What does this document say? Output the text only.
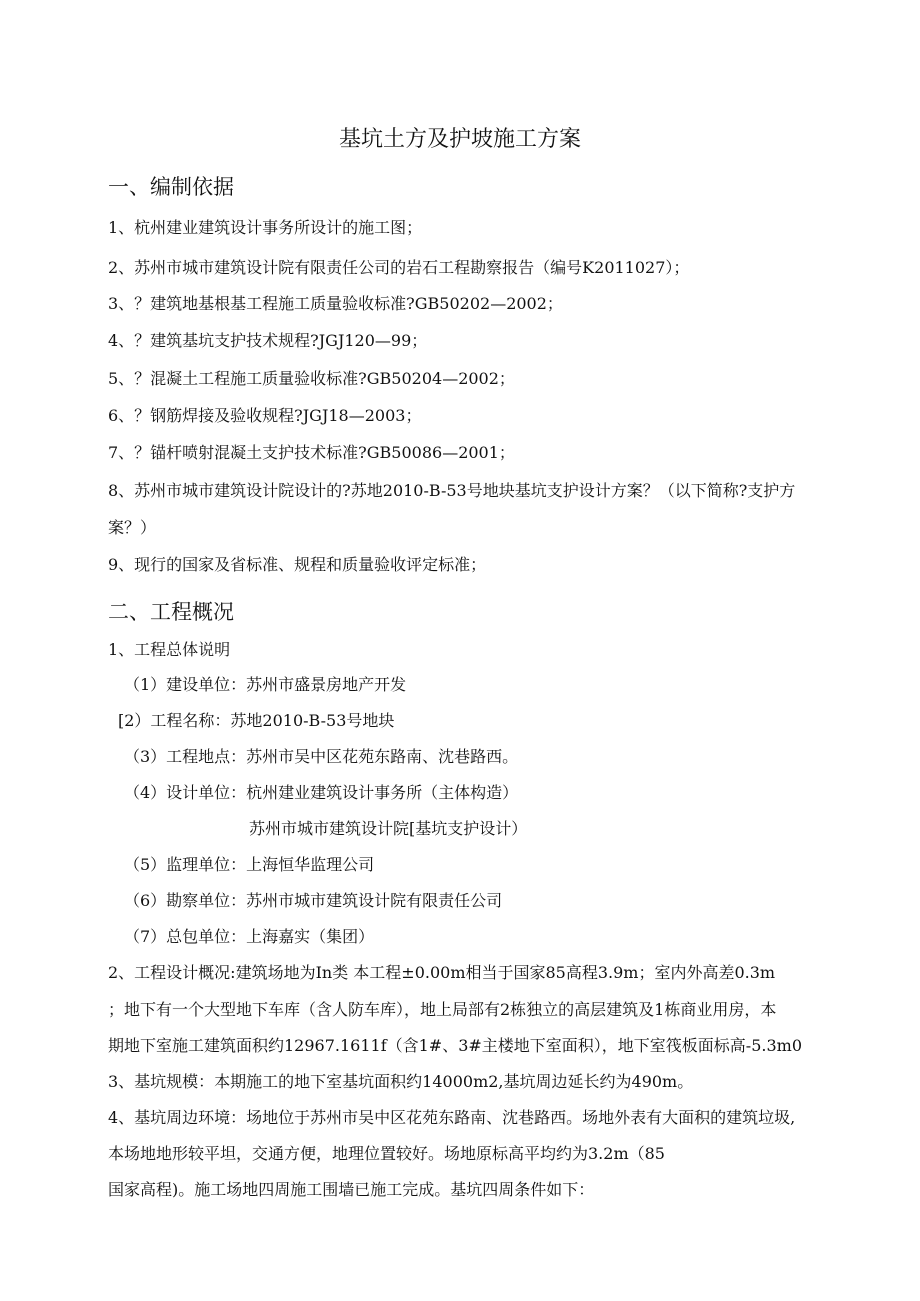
基坑土方及护坡施工方案
一、编制依据
1、杭州建业建筑设计事务所设计的施工图；
2、苏州市城市建筑设计院有限责任公司的岩石工程勘察报告（编号K2011027）；
3、？建筑地基根基工程施工质量验收标准?GB50202—2002；
4、？建筑基坑支护技术规程?JGJ120—99；
5、？混凝土工程施工质量验收标准?GB50204—2002；
6、？钢筋焊接及验收规程?JGJ18—2003；
7、？锚杆喷射混凝土支护技术标准?GB50086—2001；
8、苏州市城市建筑设计院设计的?苏地2010-B-53号地块基坑支护设计方案？（以下简称?支护方
案？）
9、现行的国家及省标准、规程和质量验收评定标准；
二、工程概况
1、工程总体说明
（1）建设单位：苏州市盛景房地产开发
[2）工程名称：苏地2010-B-53号地块
（3）工程地点：苏州市吴中区花苑东路南、沈巷路西。
（4）设计单位：杭州建业建筑设计事务所（主体构造）
苏州市城市建筑设计院[基坑支护设计）
（5）监理单位：上海恒华监理公司
（6）勘察单位：苏州市城市建筑设计院有限责任公司
（7）总包单位：上海嘉实（集团）
2、工程设计概况:建筑场地为In类 本工程±0.00m相当于国家85高程3.9m；室内外高差0.3m
；地下有一个大型地下车库（含人防车库），地上局部有2栋独立的高层建筑及1栋商业用房，本
期地下室施工建筑面积约12967.1611f（含1#、3#主楼地下室面积），地下室筏板面标高-5.3m0
3、基坑规模：本期施工的地下室基坑面积约14000m2,基坑周边延长约为490m。
4、基坑周边环境：场地位于苏州市吴中区花苑东路南、沈巷路西。场地外表有大面积的建筑垃圾,
本场地地形较平坦，交通方便，地理位置较好。场地原标高平均约为3.2m（85
国家高程)。施工场地四周施工围墙已施工完成。基坑四周条件如下：
